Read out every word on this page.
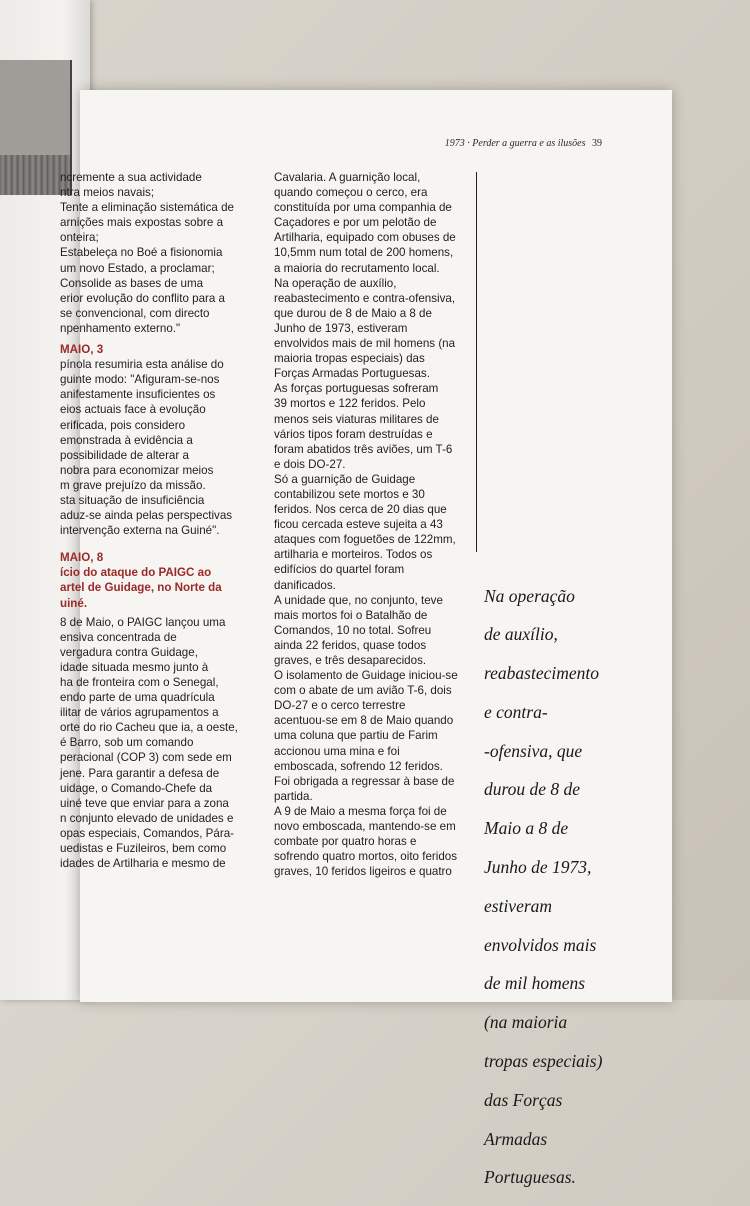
1973 · Perder a guerra e as ilusões 39

ncremente a sua actividade

ntra meios navais;

Tente a eliminação sistemática de

arnições mais expostas sobre a

onteira;

Estabeleça no Boé a fisionomia

um novo Estado, a proclamar;

Consolide as bases de uma

erior evolução do conflito para a

se convencional, com directo

npenhamento externo."

MAIO, 3

pínola resumiria esta análise do

guinte modo: "Afiguram-se-nos

anifestamente insuficientes os

eios actuais face à evolução

erificada, pois considero

emonstrada à evidência a

possibilidade de alterar a

nobra para economizar meios

m grave prejuízo da missão.

sta situação de insuficiência

aduz-se ainda pelas perspectivas

intervenção externa na Guiné".

MAIO, 8

ício do ataque do PAIGC ao

artel de Guidage, no Norte da

uiné.

8 de Maio, o PAIGC lançou uma

ensiva concentrada de

vergadura contra Guidage,

idade situada mesmo junto à

ha de fronteira com o Senegal,

endo parte de uma quadrícula

ilitar de vários agrupamentos a

orte do rio Cacheu que ia, a oeste,

é Barro, sob um comando

peracional (COP 3) com sede em

jene. Para garantir a defesa de

uidage, o Comando-Chefe da

uiné teve que enviar para a zona

n conjunto elevado de unidades e

opas especiais, Comandos, Pára-

uedistas e Fuzileiros, bem como

idades de Artilharia e mesmo de

Cavalaria. A guarnição local,

quando começou o cerco, era

constituída por uma companhia de

Caçadores e por um pelotão de

Artilharia, equipado com obuses de

10,5mm num total de 200 homens,

a maioria do recrutamento local.

Na operação de auxílio,

reabastecimento e contra-ofensiva,

que durou de 8 de Maio a 8 de

Junho de 1973, estiveram

envolvidos mais de mil homens (na

maioria tropas especiais) das

Forças Armadas Portuguesas.

As forças portuguesas sofreram

39 mortos e 122 feridos. Pelo

menos seis viaturas militares de

vários tipos foram destruídas e

foram abatidos três aviões, um T-6

e dois DO-27.

Só a guarnição de Guidage

contabilizou sete mortos e 30

feridos. Nos cerca de 20 dias que

ficou cercada esteve sujeita a 43

ataques com foguetões de 122mm,

artilharia e morteiros. Todos os

edifícios do quartel foram

danificados.

A unidade que, no conjunto, teve

mais mortos foi o Batalhão de

Comandos, 10 no total. Sofreu

ainda 22 feridos, quase todos

graves, e três desaparecidos.

O isolamento de Guidage iniciou-se

com o abate de um avião T-6, dois

DO-27 e o cerco terrestre

acentuou-se em 8 de Maio quando

uma coluna que partiu de Farim

accionou uma mina e foi

emboscada, sofrendo 12 feridos.

Foi obrigada a regressar à base de

partida.

A 9 de Maio a mesma força foi de

novo emboscada, mantendo-se em

combate por quatro horas e

sofrendo quatro mortos, oito feridos

graves, 10 feridos ligeiros e quatro

Na operação

de auxílio,

reabastecimento

e contra-

-ofensiva, que

durou de 8 de

Maio a 8 de

Junho de 1973,

estiveram

envolvidos mais

de mil homens

(na maioria

tropas especiais)

das Forças

Armadas

Portuguesas.
